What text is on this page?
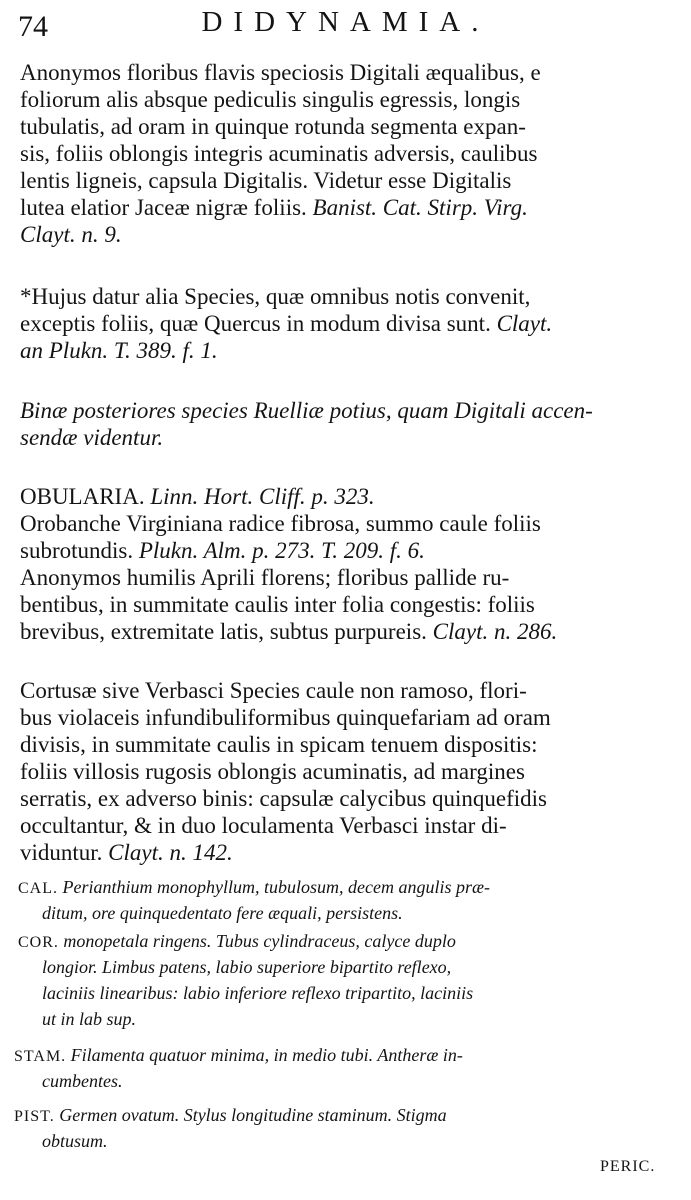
74	DIDYNAMIA.
Anonymos floribus flavis speciosis Digitali æqualibus, e
foliorum alis absque pediculis singulis egressis, longis
tubulatis, ad oram in quinque rotunda segmenta expan-
sis, foliis oblongis integris acuminatis adversis, caulibus
lentis ligneis, capsula Digitalis. Videtur esse Digitalis
lutea elatior Jaceæ nigræ foliis. Banist. Cat. Stirp. Virg.
Clayt. n. 9.
*Hujus datur alia Species, quæ omnibus notis convenit,
exceptis foliis, quæ Quercus in modum divisa sunt. Clayt.
an Plukn. T. 389. f. 1.
Binæ posteriores species Ruelliæ potius, quam Digitali accen-
sendæ videntur.
OBULARIA. Linn. Hort. Cliff. p. 323.
Orobanche Virginiana radice fibrosa, summo caule foliis
subrotundis. Plukn. Alm. p. 273. T. 209. f. 6.
Anonymos humilis Aprili florens; floribus pallide ru-
bentibus, in summitate caulis inter folia congestis: foliis
brevibus, extremitate latis, subtus purpureis. Clayt. n. 286.
Cortusæ sive Verbasci Species caule non ramoso, flori-
bus violaceis infundibuliformibus quinquefariam ad oram
divisis, in summitate caulis in spicam tenuem dispositis:
foliis villosis rugosis oblongis acuminatis, ad margines
serratis, ex adverso binis: capsulæ calycibus quinquefidis
occultantur, & in duo loculamenta Verbasci instar di-
viduntur. Clayt. n. 142.
CAL. Perianthium monophyllum, tubulosum, decem angulis præ-
ditum, ore quinquedentato fere æquali, persistens.
COR. monopetala ringens. Tubus cylindraceus, calyce duplo
longior. Limbus patens, labio superiore bipartito reflexo,
laciniis linearibus: labio inferiore reflexo tripartito, laciniis
ut in lab sup.
STAM. Filamenta quatuor minima, in medio tubi. Antheræ in-
cumbentes.
PIST. Germen ovatum. Stylus longitudine staminum. Stigma
obtusum.
PERIC.
